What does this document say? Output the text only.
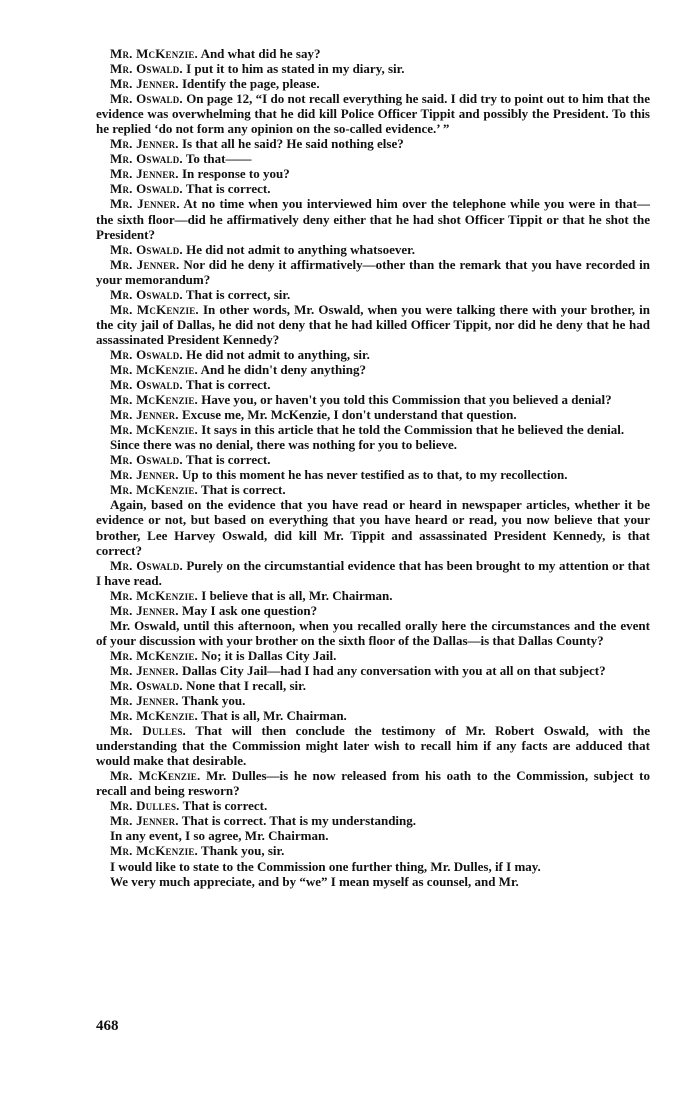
Mr. McKenzie. And what did he say?

Mr. Oswald. I put it to him as stated in my diary, sir.

Mr. Jenner. Identify the page, please.

Mr. Oswald. On page 12, “I do not recall everything he said. I did try to point out to him that the evidence was overwhelming that he did kill Police Officer Tippit and possibly the President. To this he replied ‘do not form any opinion on the so-called evidence.’ ”

Mr. Jenner. Is that all he said? He said nothing else?

Mr. Oswald. To that——

Mr. Jenner. In response to you?

Mr. Oswald. That is correct.

Mr. Jenner. At no time when you interviewed him over the telephone while you were in that—the sixth floor—did he affirmatively deny either that he had shot Officer Tippit or that he shot the President?

Mr. Oswald. He did not admit to anything whatsoever.

Mr. Jenner. Nor did he deny it affirmatively—other than the remark that you have recorded in your memorandum?

Mr. Oswald. That is correct, sir.

Mr. McKenzie. In other words, Mr. Oswald, when you were talking there with your brother, in the city jail of Dallas, he did not deny that he had killed Officer Tippit, nor did he deny that he had assassinated President Kennedy?

Mr. Oswald. He did not admit to anything, sir.

Mr. McKenzie. And he didn't deny anything?

Mr. Oswald. That is correct.

Mr. McKenzie. Have you, or haven't you told this Commission that you believed a denial?

Mr. Jenner. Excuse me, Mr. McKenzie, I don't understand that question.

Mr. McKenzie. It says in this article that he told the Commission that he believed the denial.

Since there was no denial, there was nothing for you to believe.

Mr. Oswald. That is correct.

Mr. Jenner. Up to this moment he has never testified as to that, to my recollection.

Mr. McKenzie. That is correct.

Again, based on the evidence that you have read or heard in newspaper articles, whether it be evidence or not, but based on everything that you have heard or read, you now believe that your brother, Lee Harvey Oswald, did kill Mr. Tippit and assassinated President Kennedy, is that correct?

Mr. Oswald. Purely on the circumstantial evidence that has been brought to my attention or that I have read.

Mr. McKenzie. I believe that is all, Mr. Chairman.

Mr. Jenner. May I ask one question?

Mr. Oswald, until this afternoon, when you recalled orally here the circumstances and the event of your discussion with your brother on the sixth floor of the Dallas—is that Dallas County?

Mr. McKenzie. No; it is Dallas City Jail.

Mr. Jenner. Dallas City Jail—had I had any conversation with you at all on that subject?

Mr. Oswald. None that I recall, sir.

Mr. Jenner. Thank you.

Mr. McKenzie. That is all, Mr. Chairman.

Mr. Dulles. That will then conclude the testimony of Mr. Robert Oswald, with the understanding that the Commission might later wish to recall him if any facts are adduced that would make that desirable.

Mr. McKenzie. Mr. Dulles—is he now released from his oath to the Commission, subject to recall and being resworn?

Mr. Dulles. That is correct.

Mr. Jenner. That is correct. That is my understanding.

In any event, I so agree, Mr. Chairman.

Mr. McKenzie. Thank you, sir.

I would like to state to the Commission one further thing, Mr. Dulles, if I may.

We very much appreciate, and by “we” I mean myself as counsel, and Mr.

468
